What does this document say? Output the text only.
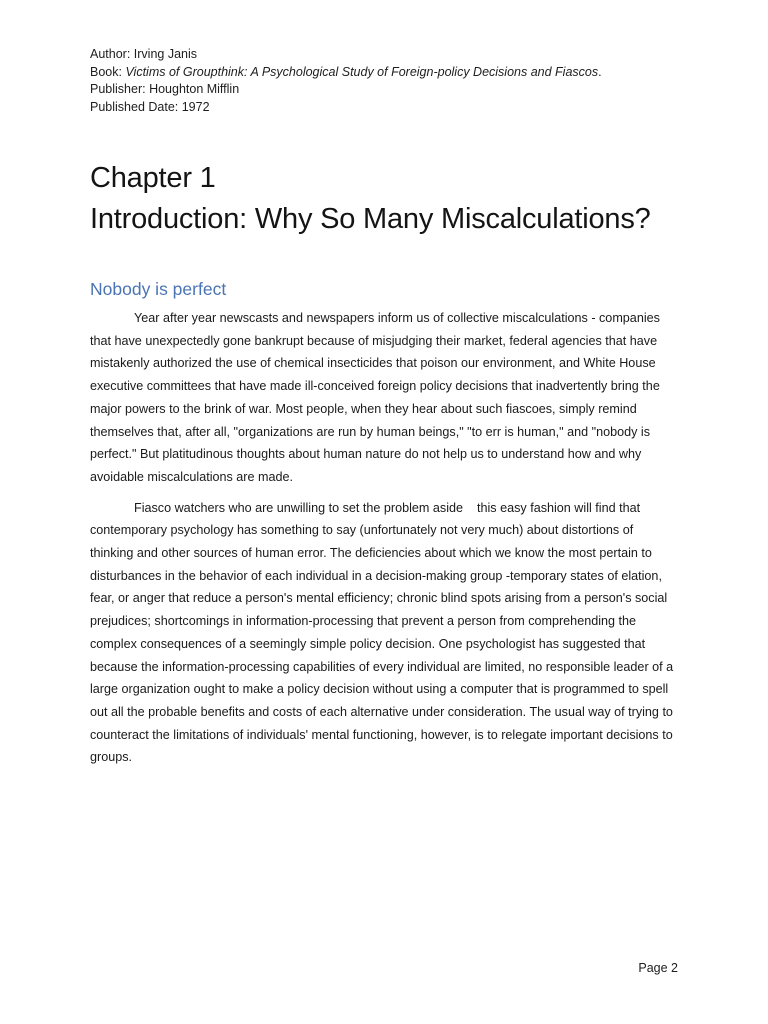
Author: Irving Janis
Book: Victims of Groupthink: A Psychological Study of Foreign-policy Decisions and Fiascos.
Publisher: Houghton Mifflin
Published Date: 1972
Chapter 1
Introduction: Why So Many Miscalculations?
Nobody is perfect

Year after year newscasts and newspapers inform us of collective miscalculations - companies that have unexpectedly gone bankrupt because of misjudging their market, federal agencies that have mistakenly authorized the use of chemical insecticides that poison our environment, and White House executive committees that have made ill-conceived foreign policy decisions that inadvertently bring the major powers to the brink of war. Most people, when they hear about such fiascoes, simply remind themselves that, after all, "organizations are run by human beings," "to err is human," and "nobody is perfect." But platitudinous thoughts about human nature do not help us to understand how and why avoidable miscalculations are made.

Fiasco watchers who are unwilling to set the problem aside    this easy fashion will find that contemporary psychology has something to say (unfortunately not very much) about distortions of thinking and other sources of human error. The deficiencies about which we know the most pertain to disturbances in the behavior of each individual in a decision-making group -temporary states of elation, fear, or anger that reduce a person's mental efficiency; chronic blind spots arising from a person's social prejudices; shortcomings in information-processing that prevent a person from comprehending the complex consequences of a seemingly simple policy decision. One psychologist has suggested that because the information-processing capabilities of every individual are limited, no responsible leader of a large organization ought to make a policy decision without using a computer that is programmed to spell out all the probable benefits and costs of each alternative under consideration. The usual way of trying to counteract the limitations of individuals' mental functioning, however, is to relegate important decisions to groups.

Page 2
